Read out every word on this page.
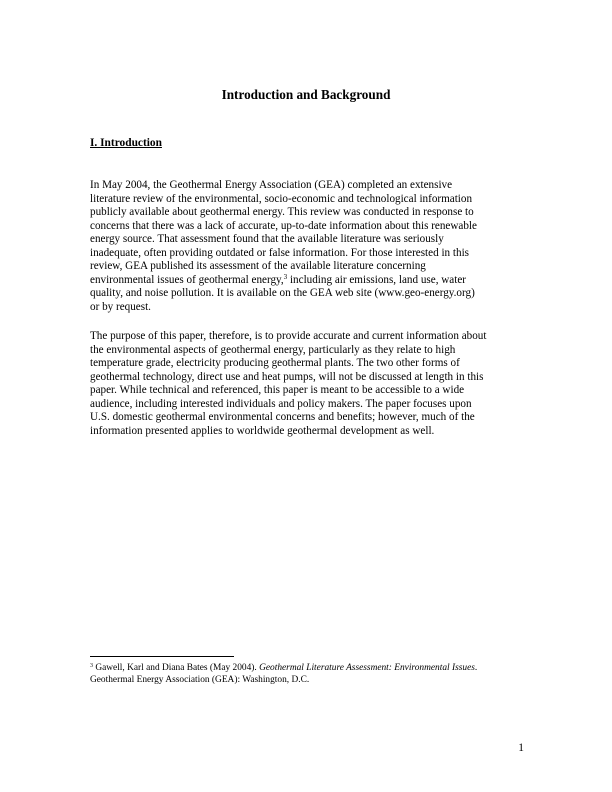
Introduction and Background
I. Introduction

In May 2004, the Geothermal Energy Association (GEA) completed an extensive
literature review of the environmental, socio-economic and technological information
publicly available about geothermal energy. This review was conducted in response to
concerns that there was a lack of accurate, up-to-date information about this renewable
energy source. That assessment found that the available literature was seriously
inadequate, often providing outdated or false information. For those interested in this
review, GEA published its assessment of the available literature concerning
environmental issues of geothermal energy,$^3$ including air emissions, land use, water
quality, and noise pollution. It is available on the GEA web site (www.geo-energy.org)
or by request.

The purpose of this paper, therefore, is to provide accurate and current information about
the environmental aspects of geothermal energy, particularly as they relate to high
temperature grade, electricity producing geothermal plants. The two other forms of
geothermal technology, direct use and heat pumps, will not be discussed at length in this
paper. While technical and referenced, this paper is meant to be accessible to a wide
audience, including interested individuals and policy makers. The paper focuses upon
U.S. domestic geothermal environmental concerns and benefits; however, much of the
information presented applies to worldwide geothermal development as well.

$^3$ Gawell, Karl and Diana Bates (May 2004). Geothermal Literature Assessment: Environmental Issues.
Geothermal Energy Association (GEA): Washington, D.C.
1
